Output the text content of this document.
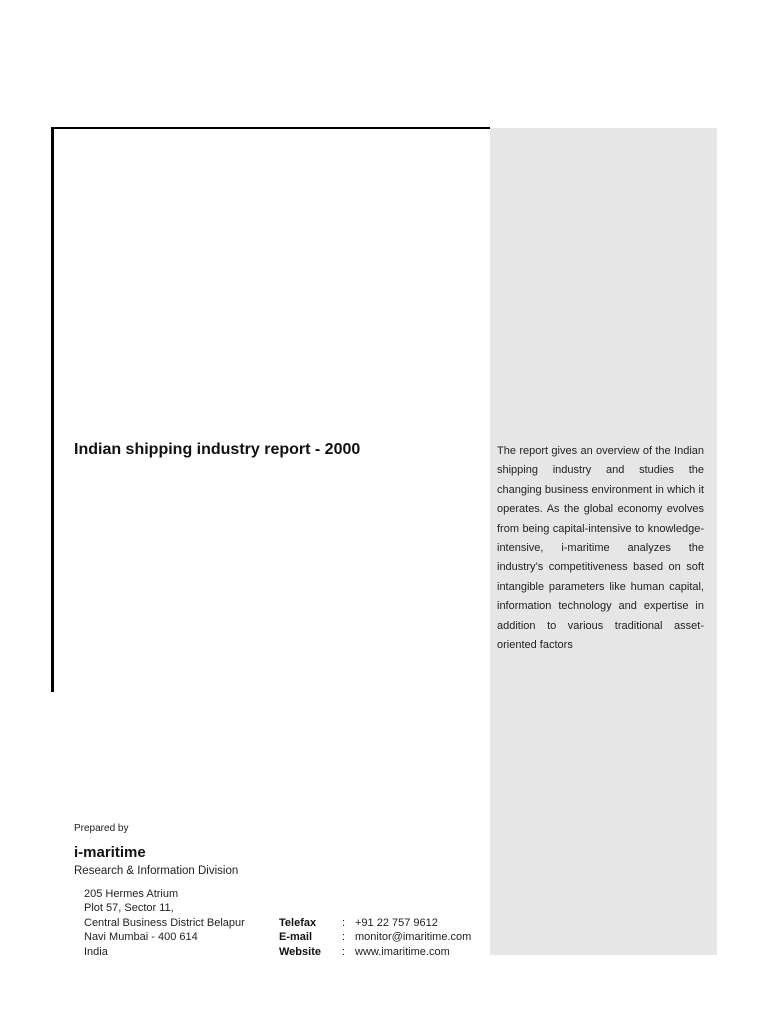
The report gives an overview of the Indian shipping industry and studies the changing business environment in which it operates. As the global economy evolves from being capital-intensive to knowledge-intensive, i-maritime analyzes the industry’s competitiveness based on soft intangible parameters like human capital, information technology and expertise in addition to various traditional asset-oriented factors
Indian shipping industry report - 2000
Prepared by
i-maritime
Research & Information Division
205 Hermes Atrium
Plot 57, Sector 11,
Central Business District Belapur
Navi Mumbai - 400 614
India
Telefax	: +91 22 757 9612
E-mail	: monitor@imaritime.com
Website	: www.imaritime.com
